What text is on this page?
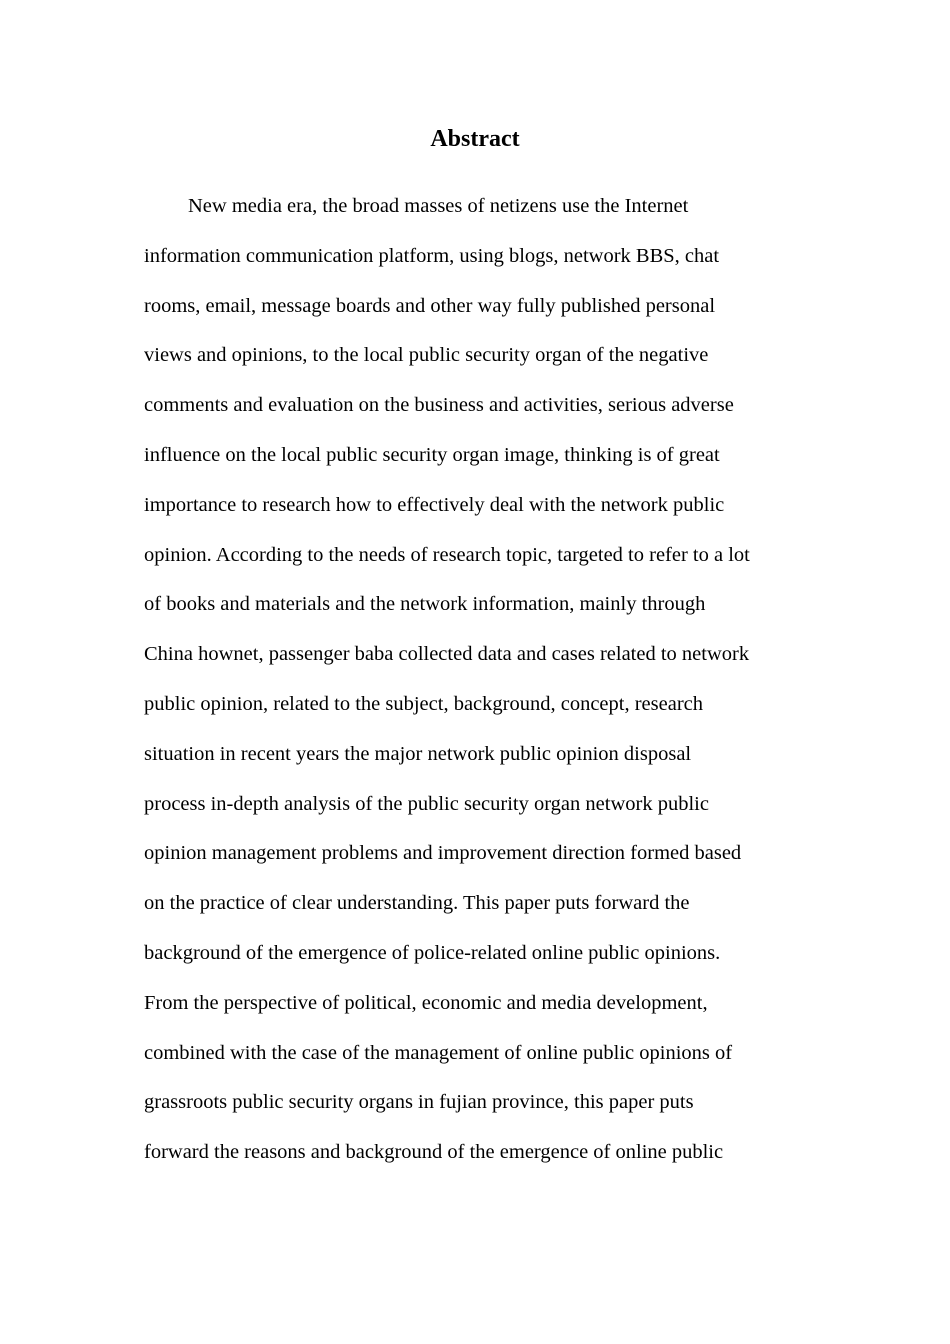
Abstract
New media era, the broad masses of netizens use the Internet
information communication platform, using blogs, network BBS, chat
rooms, email, message boards and other way fully published personal
views and opinions, to the local public security organ of the negative
comments and evaluation on the business and activities, serious adverse
influence on the local public security organ image, thinking is of great
importance to research how to effectively deal with the network public
opinion. According to the needs of research topic, targeted to refer to a lot
of books and materials and the network information, mainly through
China hownet, passenger baba collected data and cases related to network
public opinion, related to the subject, background, concept, research
situation in recent years the major network public opinion disposal
process in-depth analysis of the public security organ network public
opinion management problems and improvement direction formed based
on the practice of clear understanding. This paper puts forward the
background of the emergence of police-related online public opinions.
From the perspective of political, economic and media development,
combined with the case of the management of online public opinions of
grassroots public security organs in fujian province, this paper puts
forward the reasons and background of the emergence of online public
